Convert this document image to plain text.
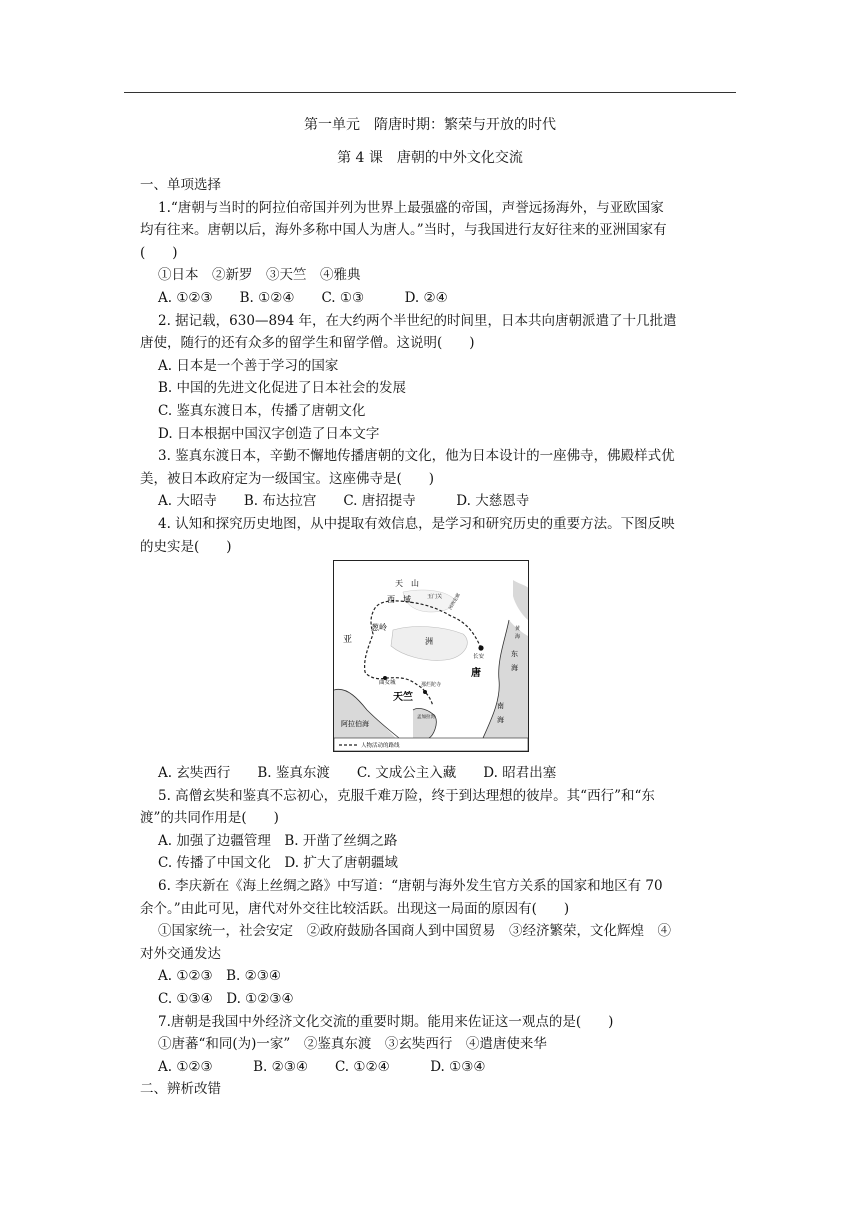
第一单元　隋唐时期：繁荣与开放的时代
第 4 课　唐朝的中外文化交流

一、单项选择

1.“唐朝与当时的阿拉伯帝国并列为世界上最强盛的帝国，声誉远扬海外，与亚欧国家

均有往来。唐朝以后，海外多称中国人为唐人。”当时，与我国进行友好往来的亚洲国家有

(　　)

①日本　②新罗　③天竺　④雅典

A. ①②③　　B. ①②④　　C. ①③　　　D. ②④

2. 据记载，630—894 年，在大约两个半世纪的时间里，日本共向唐朝派遣了十几批遣

唐使，随行的还有众多的留学生和留学僧。这说明(　　)

A. 日本是一个善于学习的国家

B. 中国的先进文化促进了日本社会的发展

C. 鉴真东渡日本，传播了唐朝文化

D. 日本根据中国汉字创造了日本文字

3. 鉴真东渡日本，辛勤不懈地传播唐朝的文化，他为日本设计的一座佛寺，佛殿样式优

美，被日本政府定为一级国宝。这座佛寺是(　　)

A. 大昭寺　　B. 布达拉宫　　C. 唐招提寺　　　D. 大慈恩寺

4. 认知和探究历史地图，从中提取有效信息，是学习和研究历史的重要方法。下图反映

的史实是(　　)

天　山
西　域	玉门关 河西走廊
葱岭
长安
洲
亚
唐
曲女城
天竺
那烂陀寺
孟加拉湾
阿拉伯海
东
海
黄
海
南
海
人物活动的路线

A. 玄奘西行　　B. 鉴真东渡　　C. 文成公主入藏　　D. 昭君出塞

5. 高僧玄奘和鉴真不忘初心，克服千难万险，终于到达理想的彼岸。其“西行”和“东

渡”的共同作用是(　　)

A. 加强了边疆管理　B. 开凿了丝绸之路

C. 传播了中国文化　D. 扩大了唐朝疆域

6. 李庆新在《海上丝绸之路》中写道：“唐朝与海外发生官方关系的国家和地区有 70

余个。”由此可见，唐代对外交往比较活跃。出现这一局面的原因有(　　)

①国家统一，社会安定　②政府鼓励各国商人到中国贸易　③经济繁荣，文化辉煌　④

对外交通发达

A. ①②③　B. ②③④

C. ①③④　D. ①②③④

7.唐朝是我国中外经济文化交流的重要时期。能用来佐证这一观点的是(　　)

①唐蕃“和同(为)一家”　②鉴真东渡　③玄奘西行　④遣唐使来华

A. ①②③　　　B. ②③④　　C. ①②④　　　D. ①③④

二、辨析改错
